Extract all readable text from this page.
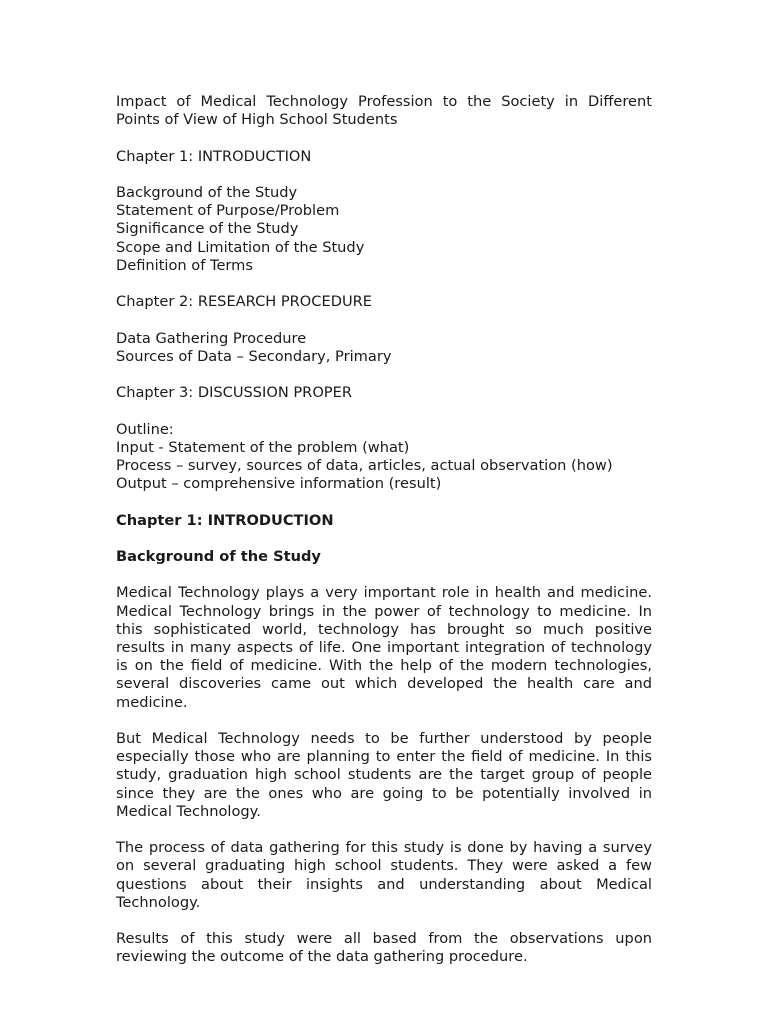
Impact of Medical Technology Profession to the Society in Different Points of View of High School Students

Chapter 1: INTRODUCTION

Background of the Study

Statement of Purpose/Problem

Significance of the Study

Scope and Limitation of the Study

Definition of Terms

Chapter 2: RESEARCH PROCEDURE

Data Gathering Procedure

Sources of Data – Secondary, Primary

Chapter 3: DISCUSSION PROPER

Outline:

Input - Statement of the problem (what)

Process – survey, sources of data, articles, actual observation (how)

Output – comprehensive information (result)

Chapter 1: INTRODUCTION

Background of the Study

Medical Technology plays a very important role in health and medicine. Medical Technology brings in the power of technology to medicine. In this sophisticated world, technology has brought so much positive results in many aspects of life. One important integration of technology is on the field of medicine. With the help of the modern technologies, several discoveries came out which developed the health care and medicine.

But Medical Technology needs to be further understood by people especially those who are planning to enter the field of medicine. In this study, graduation high school students are the target group of people since they are the ones who are going to be potentially involved in Medical Technology.

The process of data gathering for this study is done by having a survey on several graduating high school students. They were asked a few questions about their insights and understanding about Medical Technology.

Results of this study were all based from the observations upon reviewing the outcome of the data gathering procedure.
